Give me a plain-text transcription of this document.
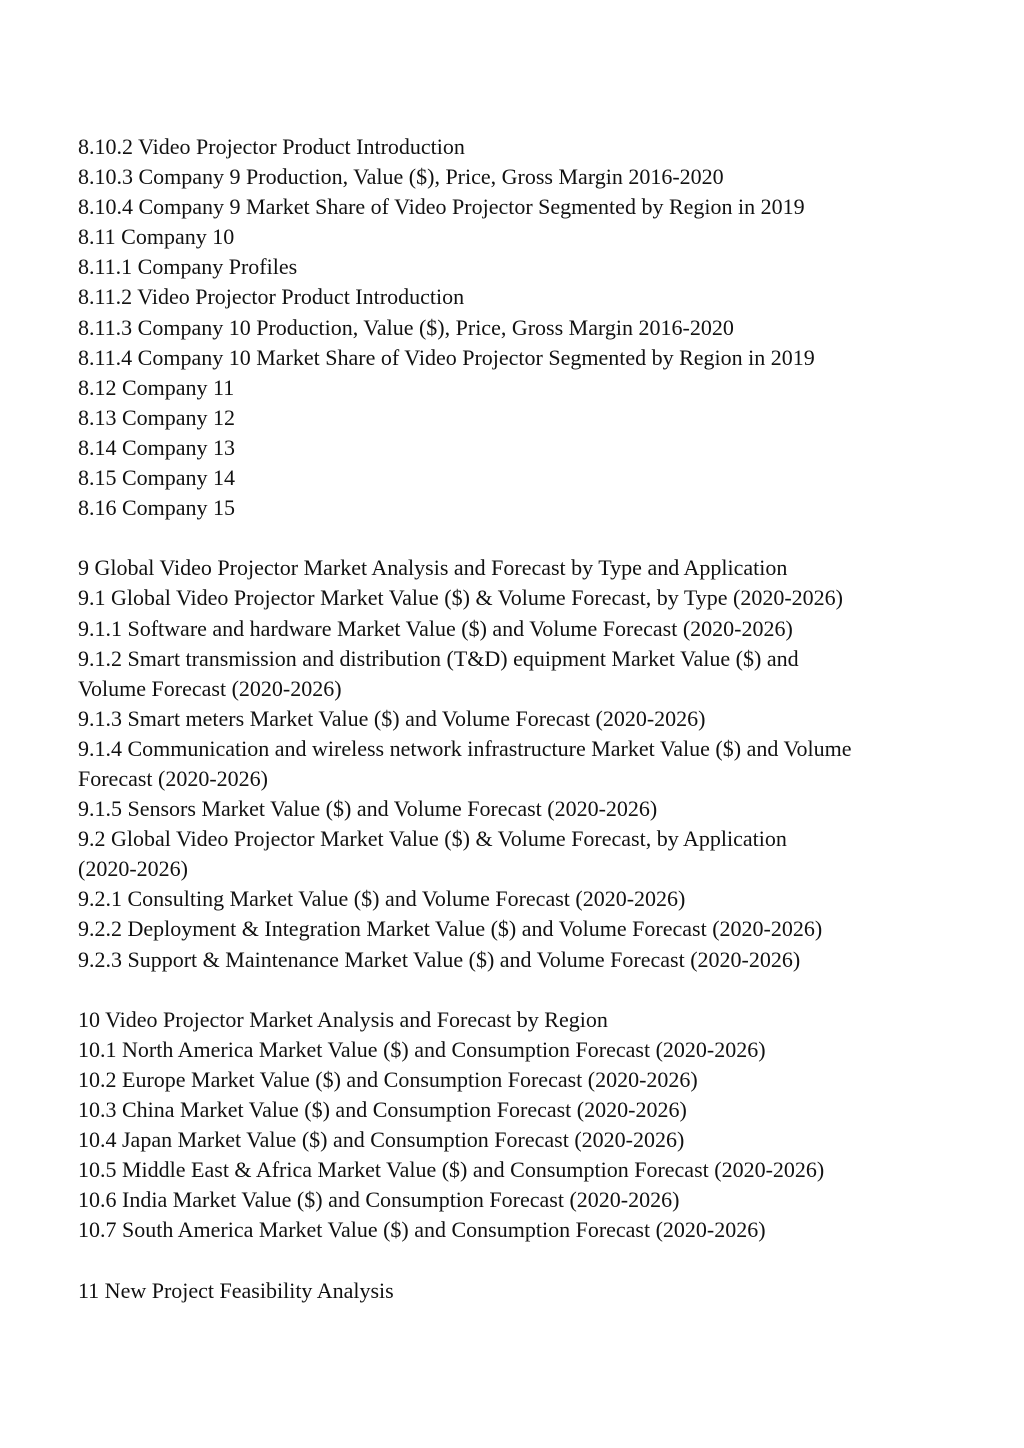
8.10.2 Video Projector Product Introduction
8.10.3 Company 9 Production, Value ($), Price, Gross Margin 2016-2020
8.10.4 Company 9 Market Share of Video Projector Segmented by Region in 2019
8.11 Company 10
8.11.1 Company Profiles
8.11.2 Video Projector Product Introduction
8.11.3 Company 10 Production, Value ($), Price, Gross Margin 2016-2020
8.11.4 Company 10 Market Share of Video Projector Segmented by Region in 2019
8.12 Company 11
8.13 Company 12
8.14 Company 13
8.15 Company 14
8.16 Company 15
9 Global Video Projector Market Analysis and Forecast by Type and Application
9.1 Global Video Projector Market Value ($) & Volume Forecast, by Type (2020-2026)
9.1.1 Software and hardware Market Value ($) and Volume Forecast (2020-2026)
9.1.2 Smart transmission and distribution (T&D) equipment Market Value ($) and
Volume Forecast (2020-2026)
9.1.3 Smart meters Market Value ($) and Volume Forecast (2020-2026)
9.1.4 Communication and wireless network infrastructure Market Value ($) and Volume
Forecast (2020-2026)
9.1.5 Sensors Market Value ($) and Volume Forecast (2020-2026)
9.2 Global Video Projector Market Value ($) & Volume Forecast, by Application
(2020-2026)
9.2.1 Consulting Market Value ($) and Volume Forecast (2020-2026)
9.2.2 Deployment & Integration Market Value ($) and Volume Forecast (2020-2026)
9.2.3 Support & Maintenance Market Value ($) and Volume Forecast (2020-2026)
10 Video Projector Market Analysis and Forecast by Region
10.1 North America Market Value ($) and Consumption Forecast (2020-2026)
10.2 Europe Market Value ($) and Consumption Forecast (2020-2026)
10.3 China Market Value ($) and Consumption Forecast (2020-2026)
10.4 Japan Market Value ($) and Consumption Forecast (2020-2026)
10.5 Middle East & Africa Market Value ($) and Consumption Forecast (2020-2026)
10.6 India Market Value ($) and Consumption Forecast (2020-2026)
10.7 South America Market Value ($) and Consumption Forecast (2020-2026)
11 New Project Feasibility Analysis
